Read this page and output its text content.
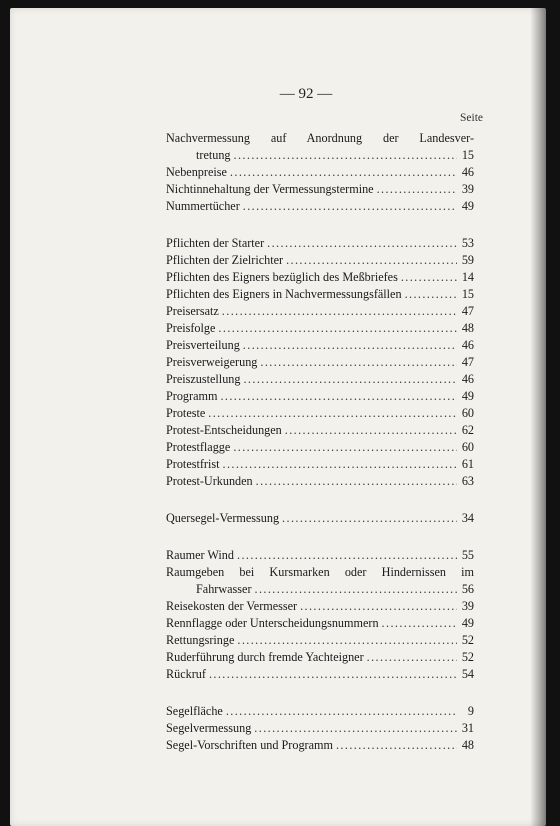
— 92 —
Seite
Nachvermessung auf Anordnung der Landesver-
tretung .....	15
Nebenpreise .....	46
Nichtinnehaltung der Vermessungstermine .....	39
Nummertücher .....	49
Pflichten der Starter .....	53
Pflichten der Zielrichter .....	59
Pflichten des Eigners bezüglich des Meßbriefes .....	14
Pflichten des Eigners in Nachvermessungsfällen .....	15
Preisersatz .....	47
Preisfolge .....	48
Preisverteilung .....	46
Preisverweigerung .....	47
Preiszustellung .....	46
Programm .....	49
Proteste .....	60
Protest-Entscheidungen .....	62
Protestflagge .....	60
Protestfrist .....	61
Protest-Urkunden .....	63
Quersegel-Vermessung .....	34
Raumer Wind .....	55
Raumgeben bei Kursmarken oder Hindernissen im
Fahrwasser .....	56
Reisekosten der Vermesser .....	39
Rennflagge oder Unterscheidungsnummern .....	49
Rettungsringe .....	52
Ruderführung durch fremde Yachteigner .....	52
Rückruf .....	54
Segelfläche .....	9
Segelvermessung .....	31
Segel-Vorschriften und Programm .....	48
